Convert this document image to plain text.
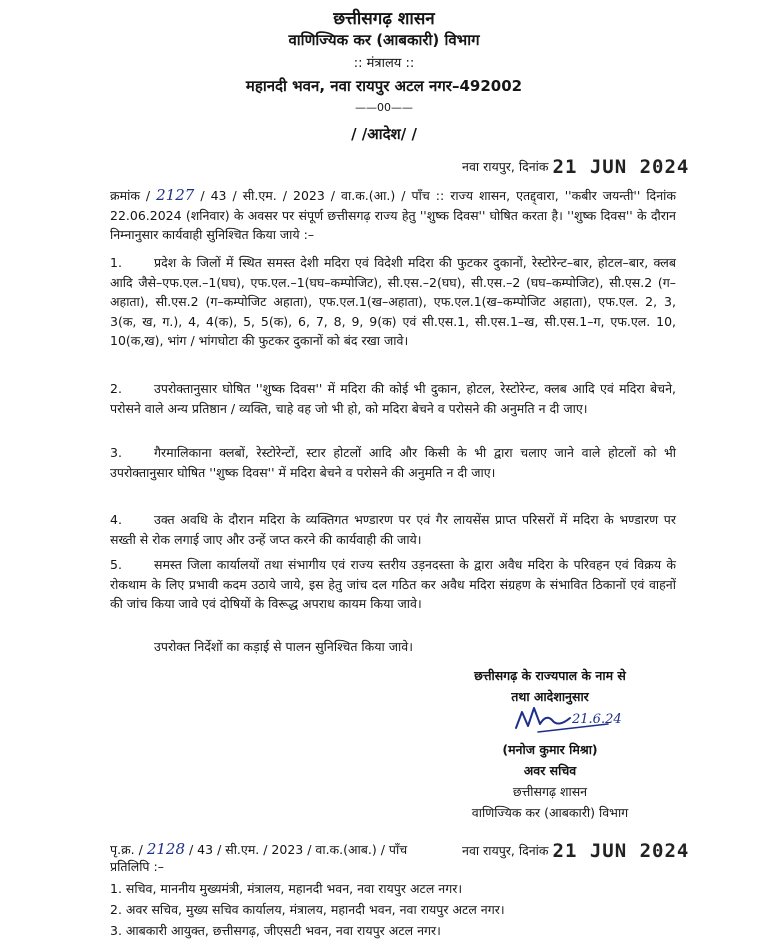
छत्तीसगढ़ शासन
वाणिज्यिक कर (आबकारी) विभाग
:: मंत्रालय ::
महानदी भवन, नवा रायपुर अटल नगर–492002
——00——
/ /आदेश/ /
नवा रायपुर, दिनांक 21 JUN 2024
क्रमांक / 2127 / 43 / सी.एम. / 2023 / वा.क.(आ.) / पाँच :: राज्य शासन, एतद्द्वारा, ''कबीर जयन्ती'' दिनांक 22.06.2024 (शनिवार) के अवसर पर संपूर्ण छत्तीसगढ़ राज्य हेतु ''शुष्क दिवस'' घोषित करता है। ''शुष्क दिवस'' के दौरान निम्नानुसार कार्यवाही सुनिश्चित किया जाये :–
1.	प्रदेश के जिलों में स्थित समस्त देशी मदिरा एवं विदेशी मदिरा की फुटकर दुकानों, रेस्टोरेन्ट–बार, होटल–बार, क्लब आदि जैसे–एफ.एल.–1(घघ), एफ.एल.–1(घघ–कम्पोजिट), सी.एस.–2(घघ), सी.एस.–2 (घघ–कम्पोजिट), सी.एस.2 (ग–अहाता), सी.एस.2 (ग–कम्पोजिट अहाता), एफ.एल.1(ख–अहाता), एफ.एल.1(ख–कम्पोजिट अहाता), एफ.एल. 2, 3, 3(क, ख, ग.), 4, 4(क), 5, 5(क), 6, 7, 8, 9, 9(क) एवं सी.एस.1, सी.एस.1–ख, सी.एस.1–ग, एफ.एल. 10, 10(क,ख), भांग / भांगघोटा की फुटकर दुकानों को बंद रखा जावे।
2.	उपरोक्तानुसार घोषित ''शुष्क दिवस'' में मदिरा की कोई भी दुकान, होटल, रेस्टोरेन्ट, क्लब आदि एवं मदिरा बेचने, परोसने वाले अन्य प्रतिष्ठान / व्यक्ति, चाहे वह जो भी हो, को मदिरा बेचने व परोसने की अनुमति न दी जाए।
3.	गैरमालिकाना क्लबों, रेस्टोरेन्टों, स्टार होटलों आदि और किसी के भी द्वारा चलाए जाने वाले होटलों को भी उपरोक्तानुसार घोषित ''शुष्क दिवस'' में मदिरा बेचने व परोसने की अनुमति न दी जाए।
4.	उक्त अवधि के दौरान मदिरा के व्यक्तिगत भण्डारण पर एवं गैर लायसेंस प्राप्त परिसरों में मदिरा के भण्डारण पर सख्ती से रोक लगाई जाए और उन्हें जप्त करने की कार्यवाही की जाये।
5.	समस्त जिला कार्यालयों तथा संभागीय एवं राज्य स्तरीय उड़नदस्ता के द्वारा अवैध मदिरा के परिवहन एवं विक्रय के रोकथाम के लिए प्रभावी कदम उठाये जाये, इस हेतु जांच दल गठित कर अवैध मदिरा संग्रहण के संभावित ठिकानों एवं वाहनों की जांच किया जावे एवं दोषियों के विरूद्ध अपराध कायम किया जावे।
उपरोक्त निर्देशों का कड़ाई से पालन सुनिश्चित किया जावे।
छत्तीसगढ़ के राज्यपाल के नाम से
तथा आदेशानुसार
21.6.24
(मनोज कुमार मिश्रा)
अवर सचिव
छत्तीसगढ़ शासन
वाणिज्यिक कर (आबकारी) विभाग
पृ.क्र. / 2128 / 43 / सी.एम. / 2023 / वा.क.(आब.) / पाँच	नवा रायपुर, दिनांक 21 JUN 2024
प्रतिलिपि :–
1. सचिव, माननीय मुख्यमंत्री, मंत्रालय, महानदी भवन, नवा रायपुर अटल नगर।
2. अवर सचिव, मुख्य सचिव कार्यालय, मंत्रालय, महानदी भवन, नवा रायपुर अटल नगर।
3. आबकारी आयुक्त, छत्तीसगढ़, जीएसटी भवन, नवा रायपुर अटल नगर।
